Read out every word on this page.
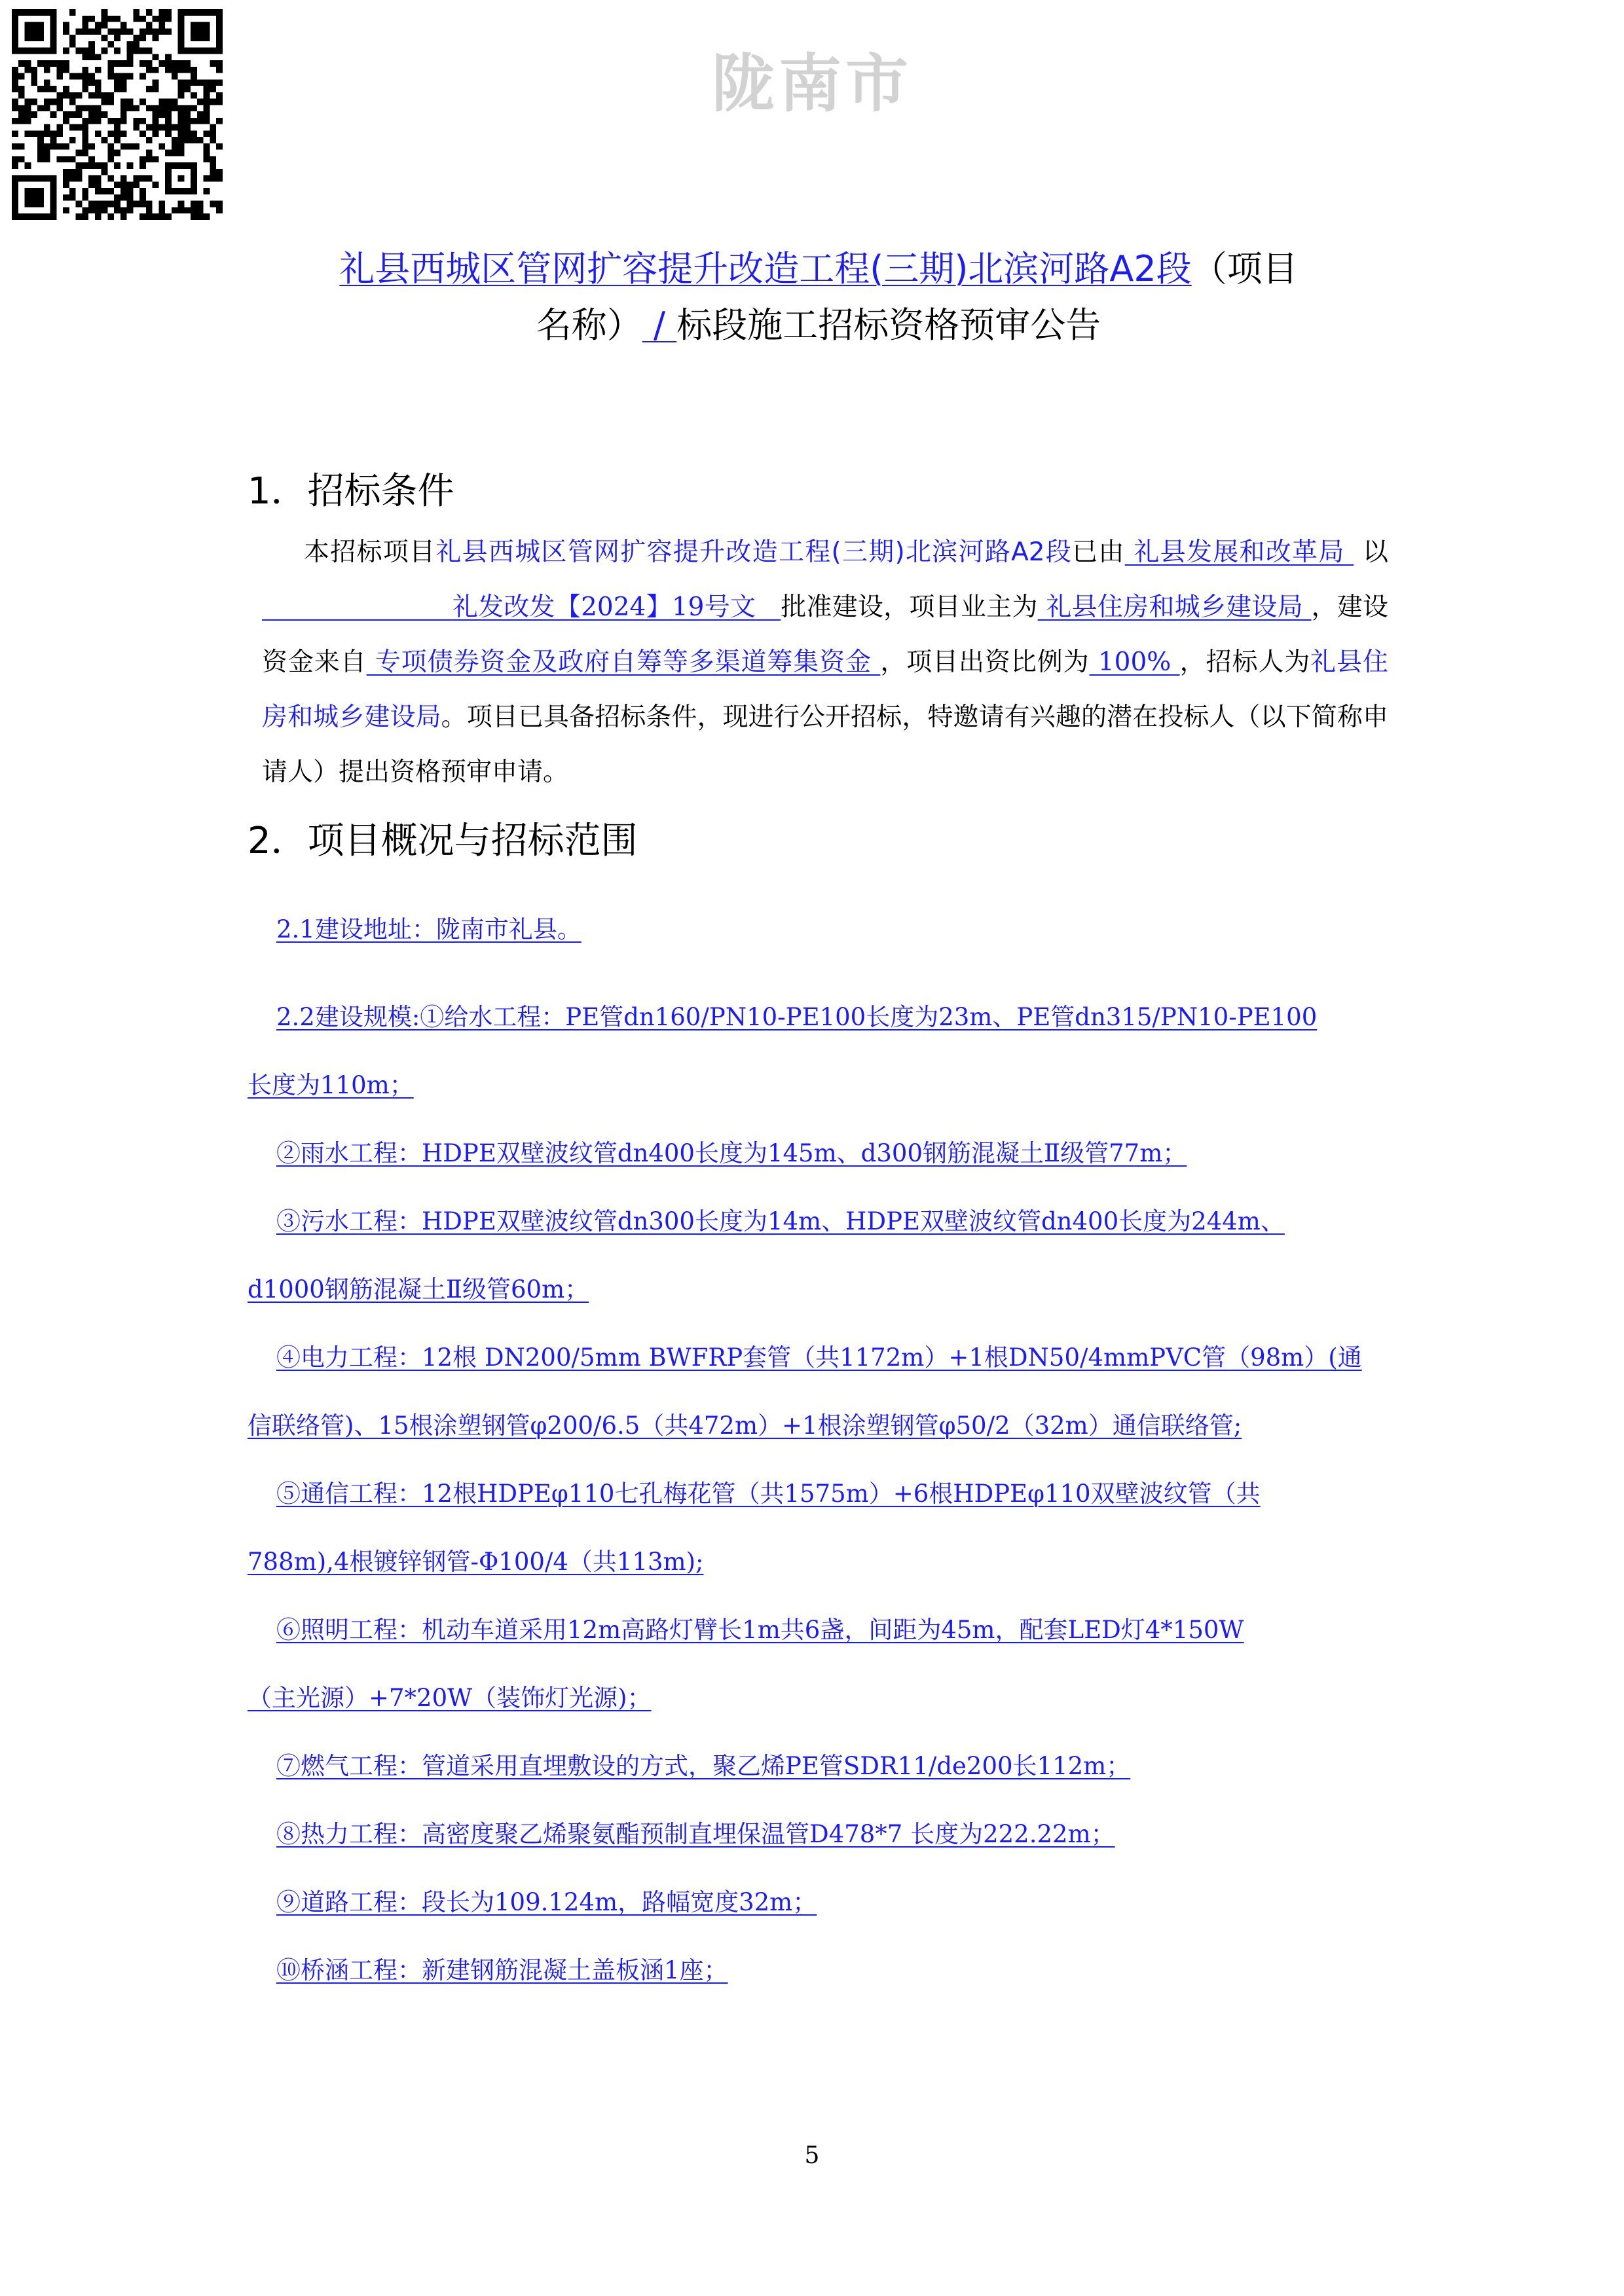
陇南市
礼县西城区管网扩容提升改造工程(三期)北滨河路A2段（项目
名称） / 标段施工招标资格预审公告
1．招标条件
本招标项目礼县西城区管网扩容提升改造工程(三期)北滨河路A2段已由 礼县发展和改革局  以                       礼发改发【2024】19号文 批准建设，项目业主为 礼县住房和城乡建设局 ，建设资金来自 专项债券资金及政府自筹等多渠道筹集资金 ，项目出资比例为 100% ，招标人为礼县住房和城乡建设局。项目已具备招标条件，现进行公开招标，特邀请有兴趣的潜在投标人（以下简称申请人）提出资格预审申请。
2．项目概况与招标范围

2.1建设地址：陇南市礼县。

2.2建设规模:①给水工程：PE管dn160/PN10-PE100长度为23m、PE管dn315/PN10-PE100

长度为110m；

②雨水工程：HDPE双壁波纹管dn400长度为145m、d300钢筋混凝土Ⅱ级管77m；

③污水工程：HDPE双壁波纹管dn300长度为14m、HDPE双壁波纹管dn400长度为244m、

d1000钢筋混凝土Ⅱ级管60m；

④电力工程：12根 DN200/5mm BWFRP套管（共1172m）+1根DN50/4mmPVC管（98m）(通

信联络管)、15根涂塑钢管φ200/6.5（共472m）+1根涂塑钢管φ50/2（32m）通信联络管;

⑤通信工程：12根HDPEφ110七孔梅花管（共1575m）+6根HDPEφ110双壁波纹管（共

788m),4根镀锌钢管-Φ100/4（共113m);

⑥照明工程：机动车道采用12m高路灯臂长1m共6盏，间距为45m，配套LED灯4*150W

（主光源）+7*20W（装饰灯光源)；

⑦燃气工程：管道采用直埋敷设的方式，聚乙烯PE管SDR11/de200长112m；

⑧热力工程：高密度聚乙烯聚氨酯预制直埋保温管D478*7 长度为222.22m；

⑨道路工程：段长为109.124m，路幅宽度32m；

⑩桥涵工程：新建钢筋混凝土盖板涵1座；

5
